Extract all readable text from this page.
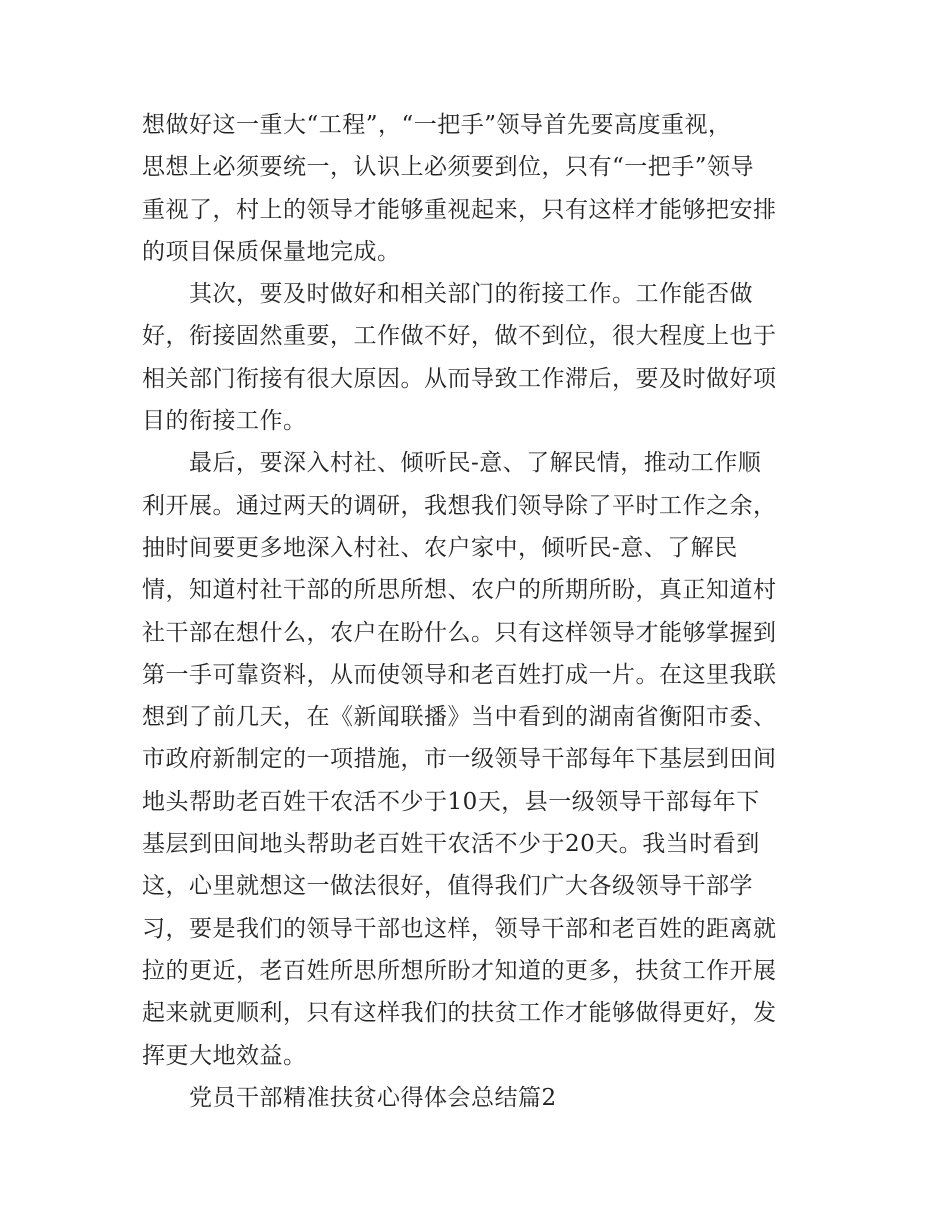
想做好这一重大“工程”，“一把手”领导首先要高度重视，
思想上必须要统一，认识上必须要到位，只有“一把手”领导
重视了，村上的领导才能够重视起来，只有这样才能够把安排
的项目保质保量地完成。
其次，要及时做好和相关部门的衔接工作。工作能否做
好，衔接固然重要，工作做不好，做不到位，很大程度上也于
相关部门衔接有很大原因。从而导致工作滞后，要及时做好项
目的衔接工作。
最后，要深入村社、倾听民-意、了解民情，推动工作顺
利开展。通过两天的调研，我想我们领导除了平时工作之余，
抽时间要更多地深入村社、农户家中，倾听民-意、了解民
情，知道村社干部的所思所想、农户的所期所盼，真正知道村
社干部在想什么，农户在盼什么。只有这样领导才能够掌握到
第一手可靠资料，从而使领导和老百姓打成一片。在这里我联
想到了前几天，在《新闻联播》当中看到的湖南省衡阳市委、
市政府新制定的一项措施，市一级领导干部每年下基层到田间
地头帮助老百姓干农活不少于10天，县一级领导干部每年下
基层到田间地头帮助老百姓干农活不少于20天。我当时看到
这，心里就想这一做法很好，值得我们广大各级领导干部学
习，要是我们的领导干部也这样，领导干部和老百姓的距离就
拉的更近，老百姓所思所想所盼才知道的更多，扶贫工作开展
起来就更顺利，只有这样我们的扶贫工作才能够做得更好，发
挥更大地效益。
党员干部精准扶贫心得体会总结篇2
